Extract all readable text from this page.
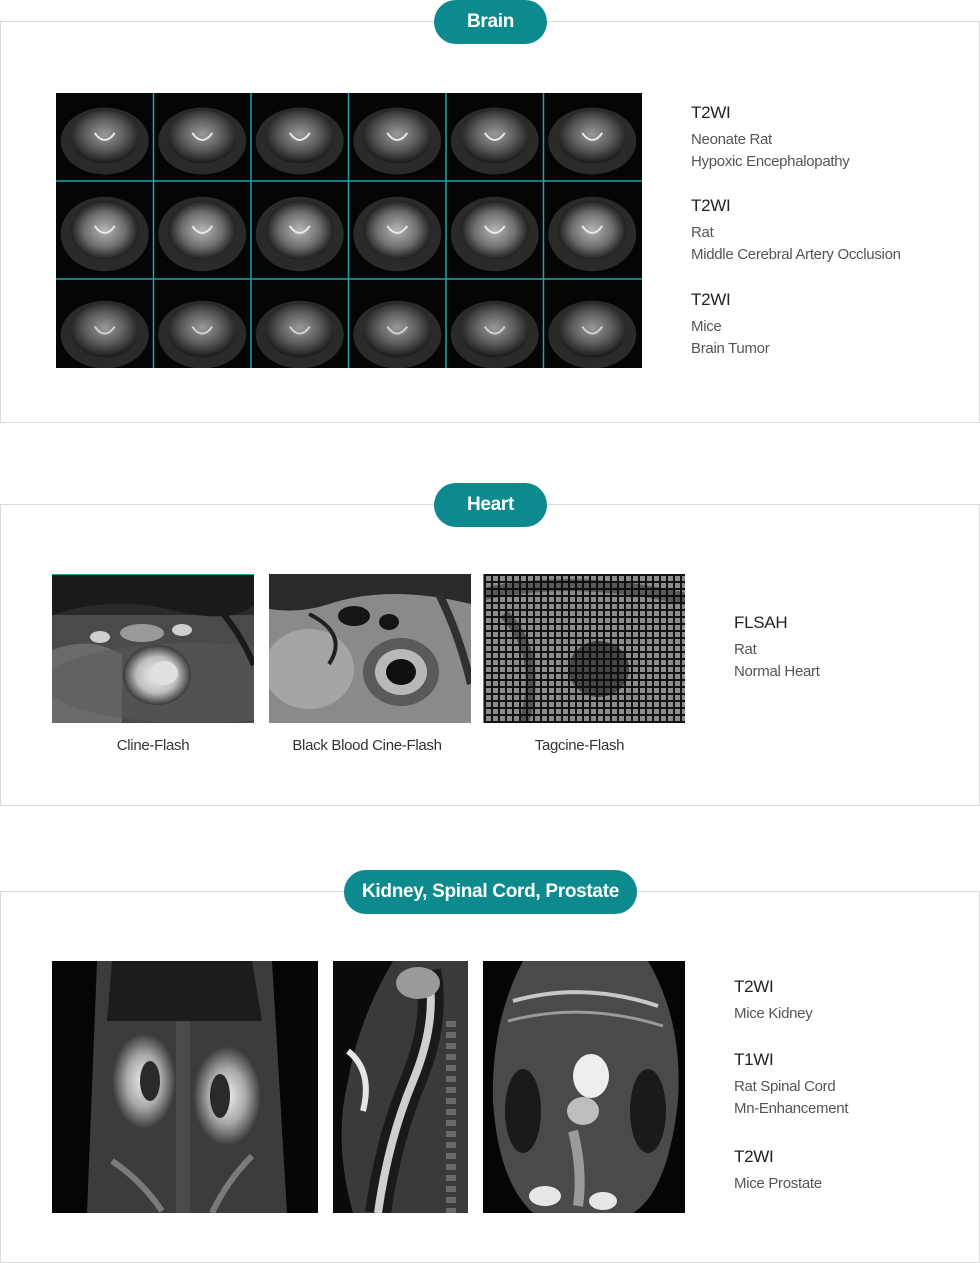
Brain
T2WI
Neonate Rat
Hypoxic Encephalopathy
T2WI
Rat
Middle Cerebral Artery Occlusion
T2WI
Mice
Brain Tumor
Heart
Cline-Flash	Black Blood Cine-Flash	Tagcine-Flash
FLSAH
Rat
Normal Heart
Kidney, Spinal Cord, Prostate
T2WI
Mice Kidney
T1WI
Rat Spinal Cord
Mn-Enhancement
T2WI
Mice Prostate
